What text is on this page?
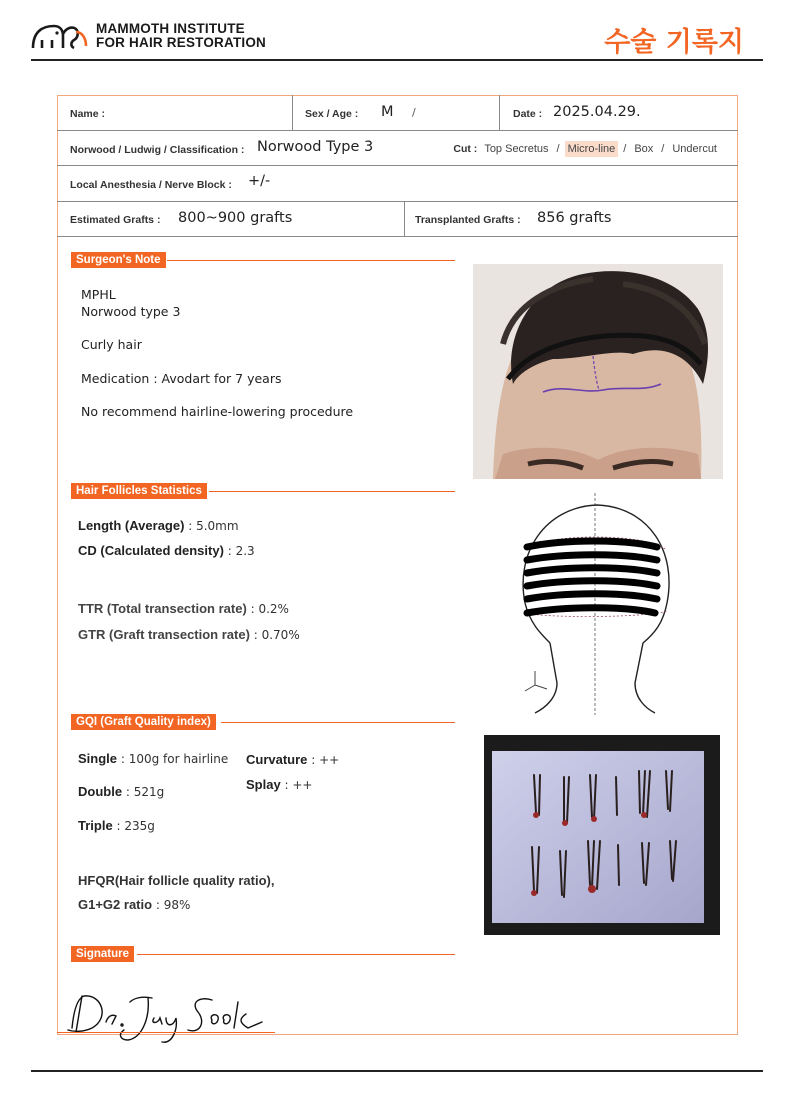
MAMMOTH INSTITUTE
FOR HAIR RESTORATION	수술 기록지
Name :	Sex / Age : M /	Date : 2025.04.29.
Norwood / Ludwig / Classification : Norwood Type 3	Cut : Top Secretus / Micro-line / Box / Undercut
Local Anesthesia / Nerve Block : +/-
Estimated Grafts : 800~900 grafts	Transplanted Grafts : 856 grafts
Surgeon's Note
MPHL
Norwood type 3
Curly hair
Medication : Avodart for 7 years
No recommend hairline-lowering procedure
Hair Follicles Statistics
Length (Average) : 5.0mm
CD (Calculated density) : 2.3
TTR (Total transection rate) : 0.2%
GTR (Graft transection rate) : 0.70%
GQI (Graft Quality index)
Single : 100g for hairline Curvature : ++
Splay : ++
Double : 521g
Triple : 235g
HFQR(Hair follicle quality ratio),
G1+G2 ratio : 98%
Signature
